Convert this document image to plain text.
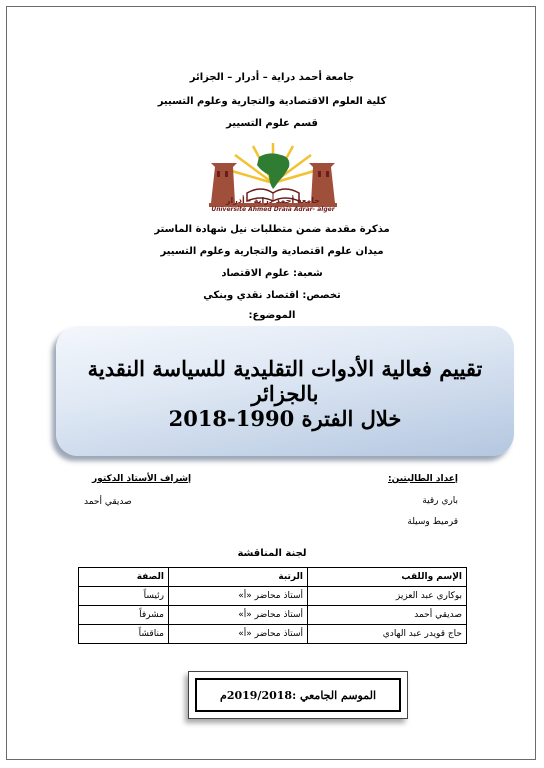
جامعة أحمد دراية – أدرار – الجزائر
كلية العلوم الاقتصادية والتجارية وعلوم التسيير
قسم علوم التسيير
جامعة أحمد دراية - أدرار
Université Ahmed Draia Adrar- alger
مذكرة مقدمة ضمن متطلبات نيل شهادة الماستر
ميدان علوم اقتصادية والتجارية وعلوم التسيير
شعبة: علوم الاقتصاد
تخصص: اقتصاد نقدي وبنكي
الموضوع:
تقييم فعالية الأدوات التقليدية للسياسة النقدية بالجزائر
خلال الفترة 1990-2018
إعداد الطالبتين:
باري رقية
قرميط وسيلة
إشراف الأستاذ الدكتور
صديقي أحمد
لجنة المناقشة
الإسم واللقب	الرتبة	الصفة
بوكاري عبد العزيز	أستاذ محاضر «أ»	رئيساً
صديقي أحمد	أستاذ محاضر «أ»	مشرفاً
حاج قويدر عبد الهادي	أستاذ محاضر «أ»	مناقشاً
الموسم الجامعي :2019/2018م
